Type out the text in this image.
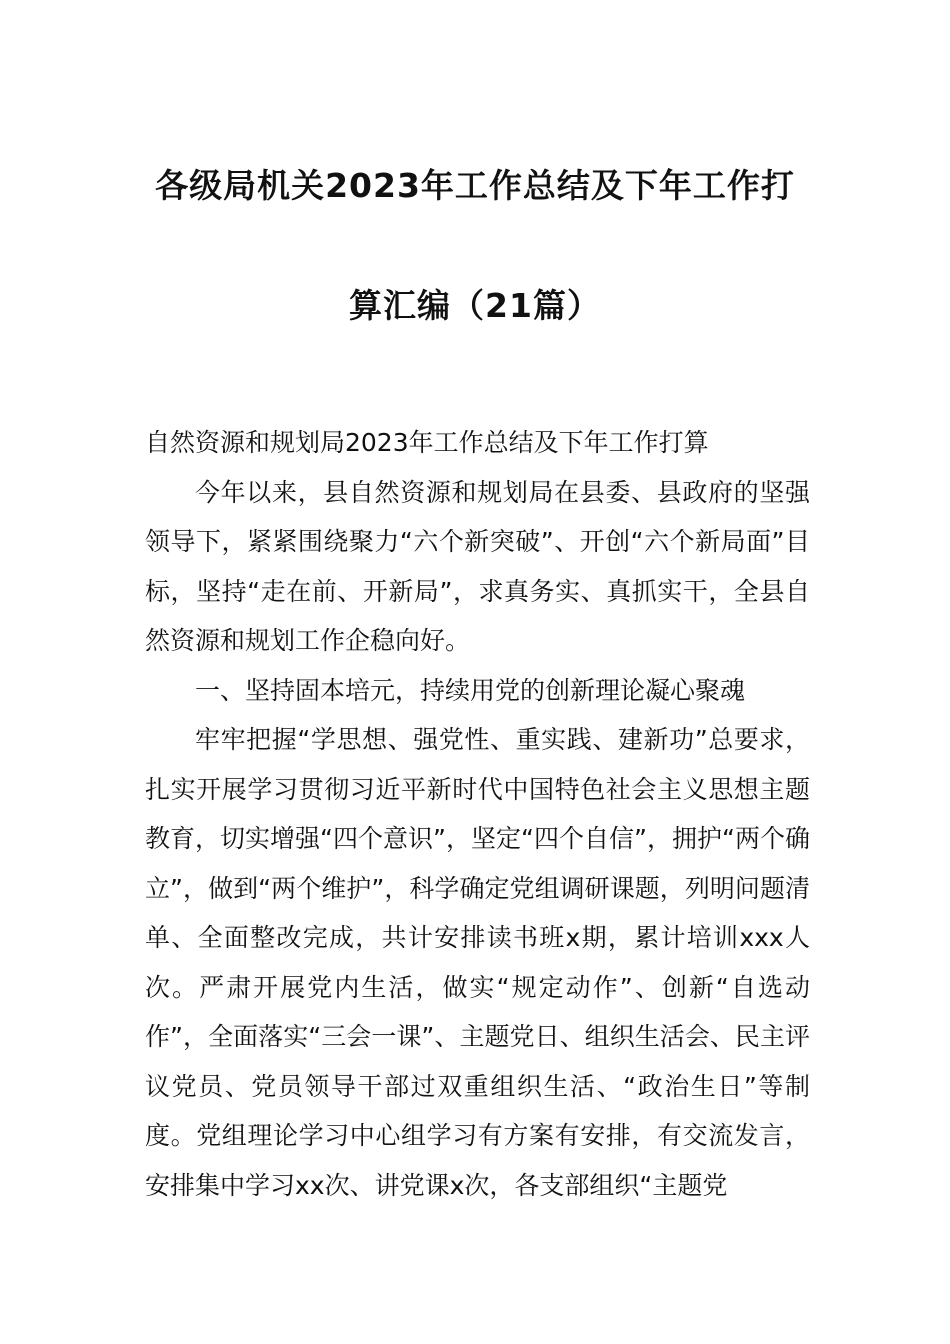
各级局机关2023年工作总结及下年工作打
算汇编（21篇）

自然资源和规划局2023年工作总结及下年工作打算

今年以来，县自然资源和规划局在县委、县政府的坚强领导下，紧紧围绕聚力“六个新突破”、开创“六个新局面”目标，坚持“走在前、开新局”，求真务实、真抓实干，全县自然资源和规划工作企稳向好。

一、坚持固本培元，持续用党的创新理论凝心聚魂

牢牢把握“学思想、强党性、重实践、建新功”总要求，扎实开展学习贯彻习近平新时代中国特色社会主义思想主题教育，切实增强“四个意识”，坚定“四个自信”，拥护“两个确立”，做到“两个维护”，科学确定党组调研课题，列明问题清单、全面整改完成，共计安排读书班x期，累计培训xxx人次。严肃开展党内生活，做实“规定动作”、创新“自选动作”，全面落实“三会一课”、主题党日、组织生活会、民主评议党员、党员领导干部过双重组织生活、“政治生日”等制度。党组理论学习中心组学习有方案有安排，有交流发言，安排集中学习xx次、讲党课x次，各支部组织“主题党
